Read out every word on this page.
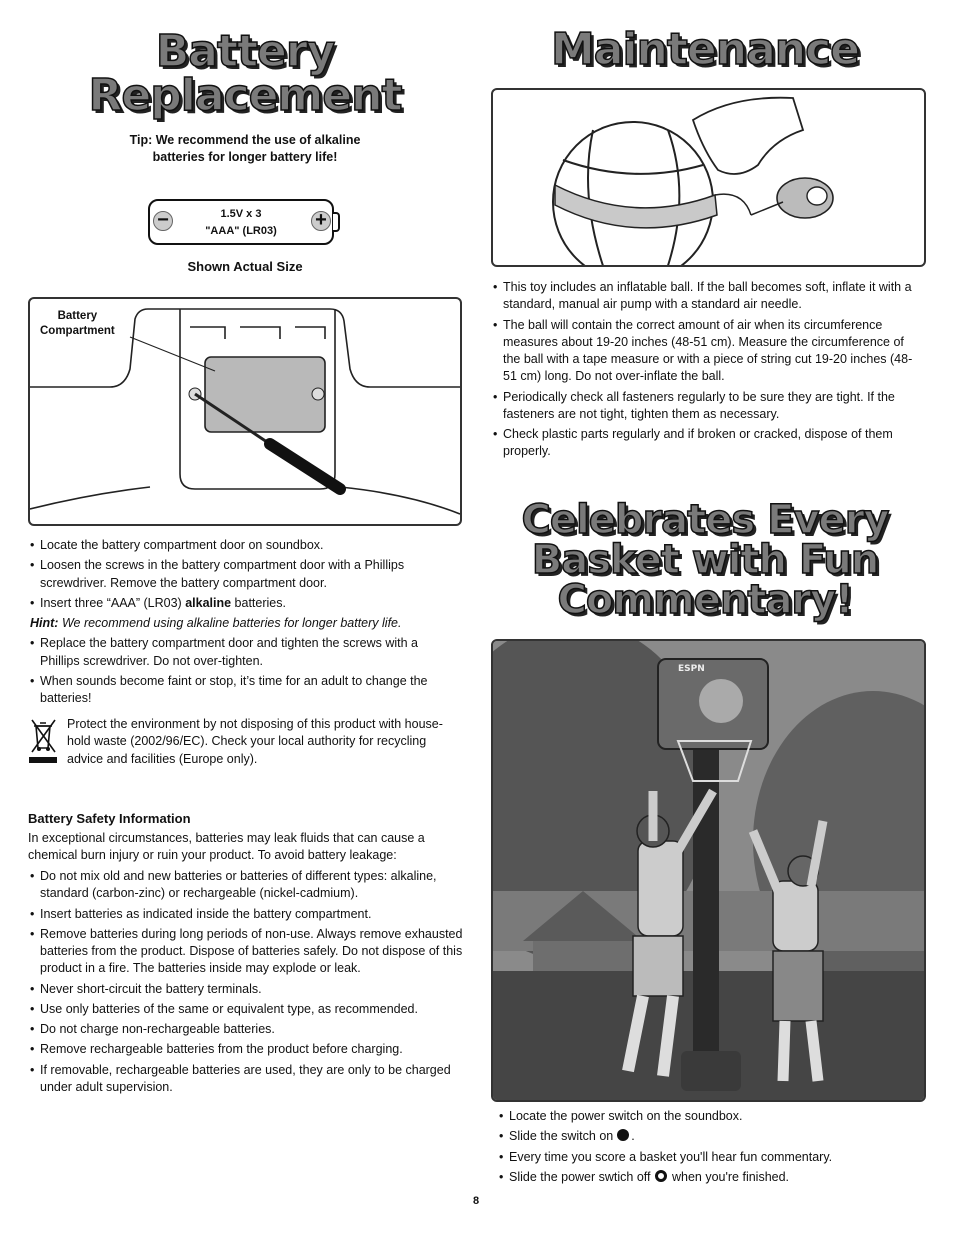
Battery
Replacement
Tip: We recommend the use of alkaline
batteries for longer battery life!
−	1.5V x 3
"AAA" (LR03)	+
Shown Actual Size
Battery
Compartment
• Locate the battery compartment door on soundbox.
• Loosen the screws in the battery compartment door with a Phillips screwdriver. Remove the battery compartment door.
• Insert three “AAA” (LR03) alkaline batteries.
Hint: We recommend using alkaline batteries for longer battery life.
• Replace the battery compartment door and tighten the screws with a Phillips screwdriver. Do not over-tighten.
• When sounds become faint or stop, it’s time for an adult to change the batteries!
Protect the environment by not disposing of this product with house-hold waste (2002/96/EC). Check your local authority for recycling advice and facilities (Europe only).
Battery Safety Information
In exceptional circumstances, batteries may leak fluids that can cause a chemical burn injury or ruin your product. To avoid battery leakage:
• Do not mix old and new batteries or batteries of different types: alkaline, standard (carbon-zinc) or rechargeable (nickel-cadmium).
• Insert batteries as indicated inside the battery compartment.
• Remove batteries during long periods of non-use. Always remove exhausted batteries from the product. Dispose of batteries safely. Do not dispose of this product in a fire. The batteries inside may explode or leak.
• Never short-circuit the battery terminals.
• Use only batteries of the same or equivalent type, as recommended.
• Do not charge non-rechargeable batteries.
• Remove rechargeable batteries from the product before charging.
• If removable, rechargeable batteries are used, they are only to be charged under adult supervision.
Maintenance
• This toy includes an inflatable ball. If the ball becomes soft, inflate it with a standard, manual air pump with a standard air needle.
• The ball will contain the correct amount of air when its circumference measures about 19-20 inches (48-51 cm). Measure the circumference of the ball with a tape measure or with a piece of string cut 19-20 inches (48-51 cm) long. Do not over-inflate the ball.
• Periodically check all fasteners regularly to be sure they are tight. If the fasteners are not tight, tighten them as necessary.
• Check plastic parts regularly and if broken or cracked, dispose of them properly.
Celebrates Every
Basket with Fun
Commentary!
ESPN
• Locate the power switch on the soundbox.
• Slide the switch on .
• Every time you score a basket you'll hear fun commentary.
• Slide the power swtich off when you're finished.
8
